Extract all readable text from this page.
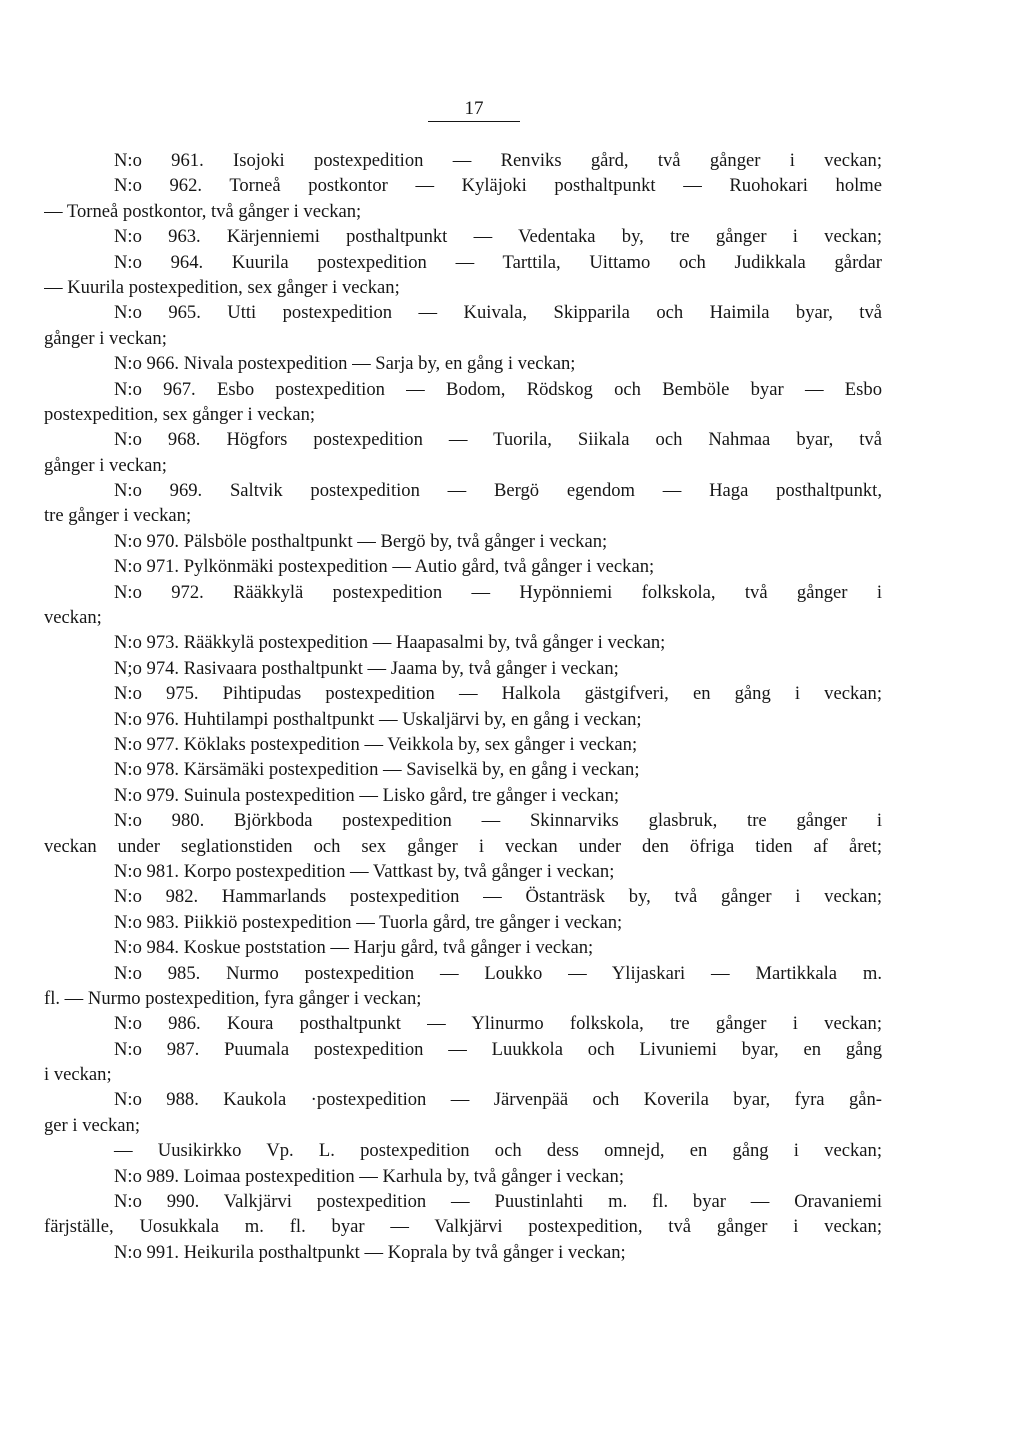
17
N:o 961. Isojoki postexpedition — Renviks gård, två gånger i veckan;
N:o 962. Torneå postkontor — Kyläjoki posthaltpunkt — Ruohokari holme
— Torneå postkontor, två gånger i veckan;
N:o 963. Kärjenniemi posthaltpunkt — Vedentaka by, tre gånger i veckan;
N:o 964. Kuurila postexpedition — Tarttila, Uittamo och Judikkala gårdar
— Kuurila postexpedition, sex gånger i veckan;
N:o 965. Utti postexpedition — Kuivala, Skipparila och Haimila byar, två
gånger i veckan;
N:o 966. Nivala postexpedition — Sarja by, en gång i veckan;
N:o 967. Esbo postexpedition — Bodom, Rödskog och Bemböle byar — Esbo
postexpedition, sex gånger i veckan;
N:o 968. Högfors postexpedition — Tuorila, Siikala och Nahmaa byar, två
gånger i veckan;
N:o 969. Saltvik postexpedition — Bergö egendom — Haga posthaltpunkt,
tre gånger i veckan;
N:o 970. Pälsböle posthaltpunkt — Bergö by, två gånger i veckan;
N:o 971. Pylkönmäki postexpedition — Autio gård, två gånger i veckan;
N:o 972. Rääkkylä postexpedition — Hypönniemi folkskola, två gånger i
veckan;
N:o 973. Rääkkylä postexpedition — Haapasalmi by, två gånger i veckan;
N;o 974. Rasivaara posthaltpunkt — Jaama by, två gånger i veckan;
N:o 975. Pihtipudas postexpedition — Halkola gästgifveri, en gång i veckan;
N:o 976. Huhtilampi posthaltpunkt — Uskaljärvi by, en gång i veckan;
N:o 977. Köklaks postexpedition — Veikkola by, sex gånger i veckan;
N:o 978. Kärsämäki postexpedition — Saviselkä by, en gång i veckan;
N:o 979. Suinula postexpedition — Lisko gård, tre gånger i veckan;
N:o 980. Björkboda postexpedition — Skinnarviks glasbruk, tre gånger i
veckan under seglationstiden och sex gånger i veckan under den öfriga tiden af året;
N:o 981. Korpo postexpedition — Vattkast by, två gånger i veckan;
N:o 982. Hammarlands postexpedition — Östanträsk by, två gånger i veckan;
N:o 983. Piikkiö postexpedition — Tuorla gård, tre gånger i veckan;
N:o 984. Koskue poststation — Harju gård, två gånger i veckan;
N:o 985. Nurmo postexpedition — Loukko — Ylijaskari — Martikkala m.
fl. — Nurmo postexpedition, fyra gånger i veckan;
N:o 986. Koura posthaltpunkt — Ylinurmo folkskola, tre gånger i veckan;
N:o 987. Puumala postexpedition — Luukkola och Livuniemi byar, en gång
i veckan;
N:o 988. Kaukola ·postexpedition — Järvenpää och Koverila byar, fyra gån-
ger i veckan;
— Uusikirkko Vp. L. postexpedition och dess omnejd, en gång i veckan;
N:o 989. Loimaa postexpedition — Karhula by, två gånger i veckan;
N:o 990. Valkjärvi postexpedition — Puustinlahti m. fl. byar — Oravaniemi
färjställe, Uosukkala m. fl. byar — Valkjärvi postexpedition, två gånger i veckan;
N:o 991. Heikurila posthaltpunkt — Koprala by två gånger i veckan;
